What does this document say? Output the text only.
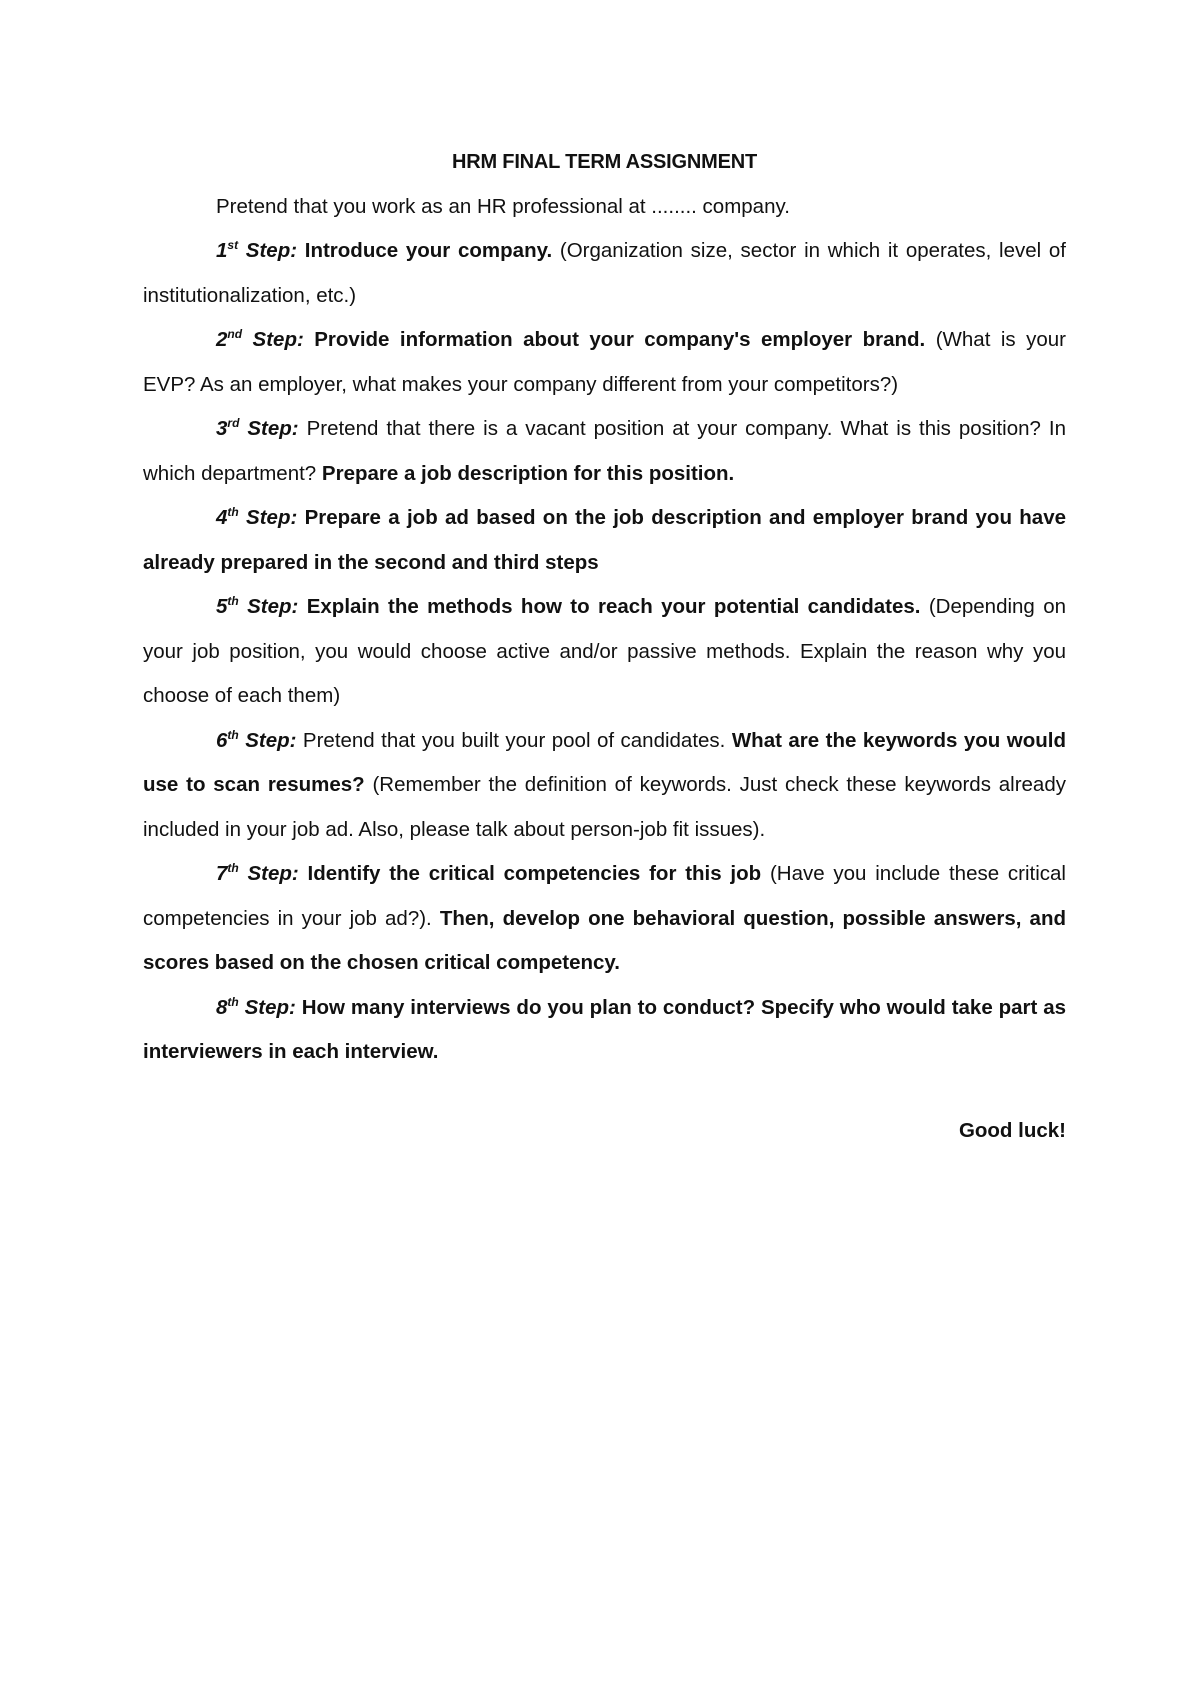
HRM FINAL TERM ASSIGNMENT

Pretend that you work as an HR professional at ........ company.

1st Step: Introduce your company. (Organization size, sector in which it operates, level of institutionalization, etc.)

2nd Step: Provide information about your company's employer brand. (What is your EVP? As an employer, what makes your company different from your competitors?)

3rd Step: Pretend that there is a vacant position at your company. What is this position? In which department? Prepare a job description for this position.

4th Step: Prepare a job ad based on the job description and employer brand you have already prepared in the second and third steps

5th Step: Explain the methods how to reach your potential candidates. (Depending on your job position, you would choose active and/or passive methods. Explain the reason why you choose of each them)

6th Step: Pretend that you built your pool of candidates. What are the keywords you would use to scan resumes? (Remember the definition of keywords. Just check these keywords already included in your job ad. Also, please talk about person-job fit issues).

7th Step: Identify the critical competencies for this job (Have you include these critical competencies in your job ad?). Then, develop one behavioral question, possible answers, and scores based on the chosen critical competency.

8th Step: How many interviews do you plan to conduct? Specify who would take part as interviewers in each interview.

Good luck!
